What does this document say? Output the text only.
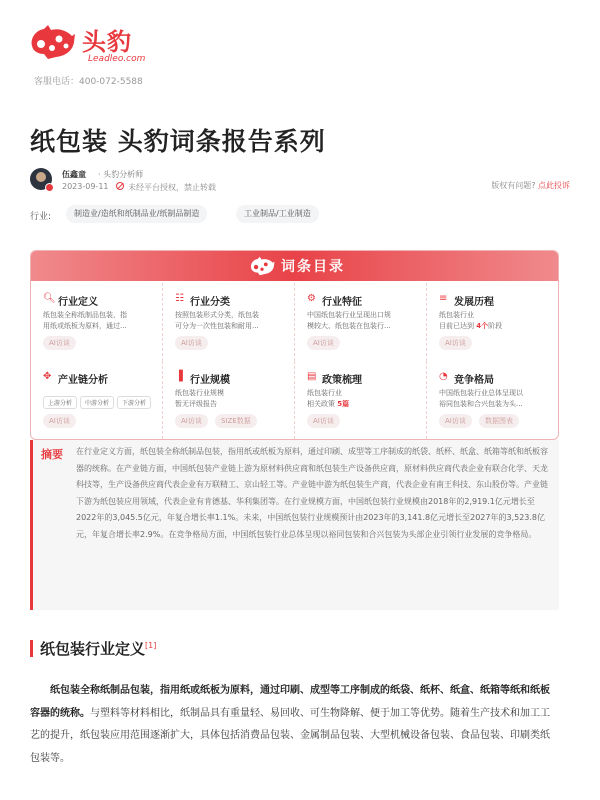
头豹
Leadleo.com
客服电话：400-072-5588
纸包装 头豹词条报告系列
伍鑫童 · 头豹分析师
2023-09-11 未经平台授权，禁止转载	版权有问题? 点此投诉
行业:	制造业/造纸和纸制品业/纸制品制造	工业制品/工业制造
词条目录
🔍︎ 行业定义
纸包装全称纸制品包装，指
用纸或纸板为原料，通过...
AI访谈
☷ 行业分类
按照包装形式分类，纸包装
可分为一次性包装和耐用...
AI访谈
⚙ 行业特征
中国纸包装行业呈现出口规
模较大、纸包装在包装行...
AI访谈
≡ 发展历程
纸包装行业
目前已达到 4个阶段
AI访谈
✥ 产业链分析
上游分析 中游分析 下游分析
AI访谈
▐ 行业规模
纸包装行业规模
暂无评级报告
AI访谈	SIZE数据
▤ 政策梳理
纸包装行业
相关政策 5篇
AI访谈
◔ 竞争格局
中国纸包装行业总体呈现以
裕同包装和合兴包装为头...
AI访谈	数据图表
摘要 在行业定义方面，纸包装全称纸制品包装，指用纸或纸板为原料，通过印刷、成型等工序制成的纸袋、纸杯、纸盒、纸箱等纸和纸板容器的统称。在产业链方面，中国纸包装产业链上游为原材料供应商和纸包装生产设备供应商，原材料供应商代表企业有联合化学、天龙科技等，生产设备供应商代表企业有万联精工、京山轻工等。产业链中游为纸包装生产商，代表企业有南王科技、东山股份等。产业链下游为纸包装应用领域，代表企业有肯德基、华利集团等。在行业规模方面，中国纸包装行业规模由2018年的2,919.1亿元增长至2022年的3,045.5亿元，年复合增长率1.1%。未来，中国纸包装行业规模预计由2023年的3,141.8亿元增长至2027年的3,523.8亿元，年复合增长率2.9%。在竞争格局方面，中国纸包装行业总体呈现以裕同包装和合兴包装为头部企业引领行业发展的竞争格局。
纸包装行业定义[1]
纸包装全称纸制品包装，指用纸或纸板为原料，通过印刷、成型等工序制成的纸袋、纸杯、纸盒、纸箱等纸和纸板容器的统称。与塑料等材料相比，纸制品具有重量轻、易回收、可生物降解、便于加工等优势。随着生产技术和加工工艺的提升，纸包装应用范围逐渐扩大，具体包括消费品包装、金属制品包装、大型机械设备包装、食品包装、印刷类纸包装等。
